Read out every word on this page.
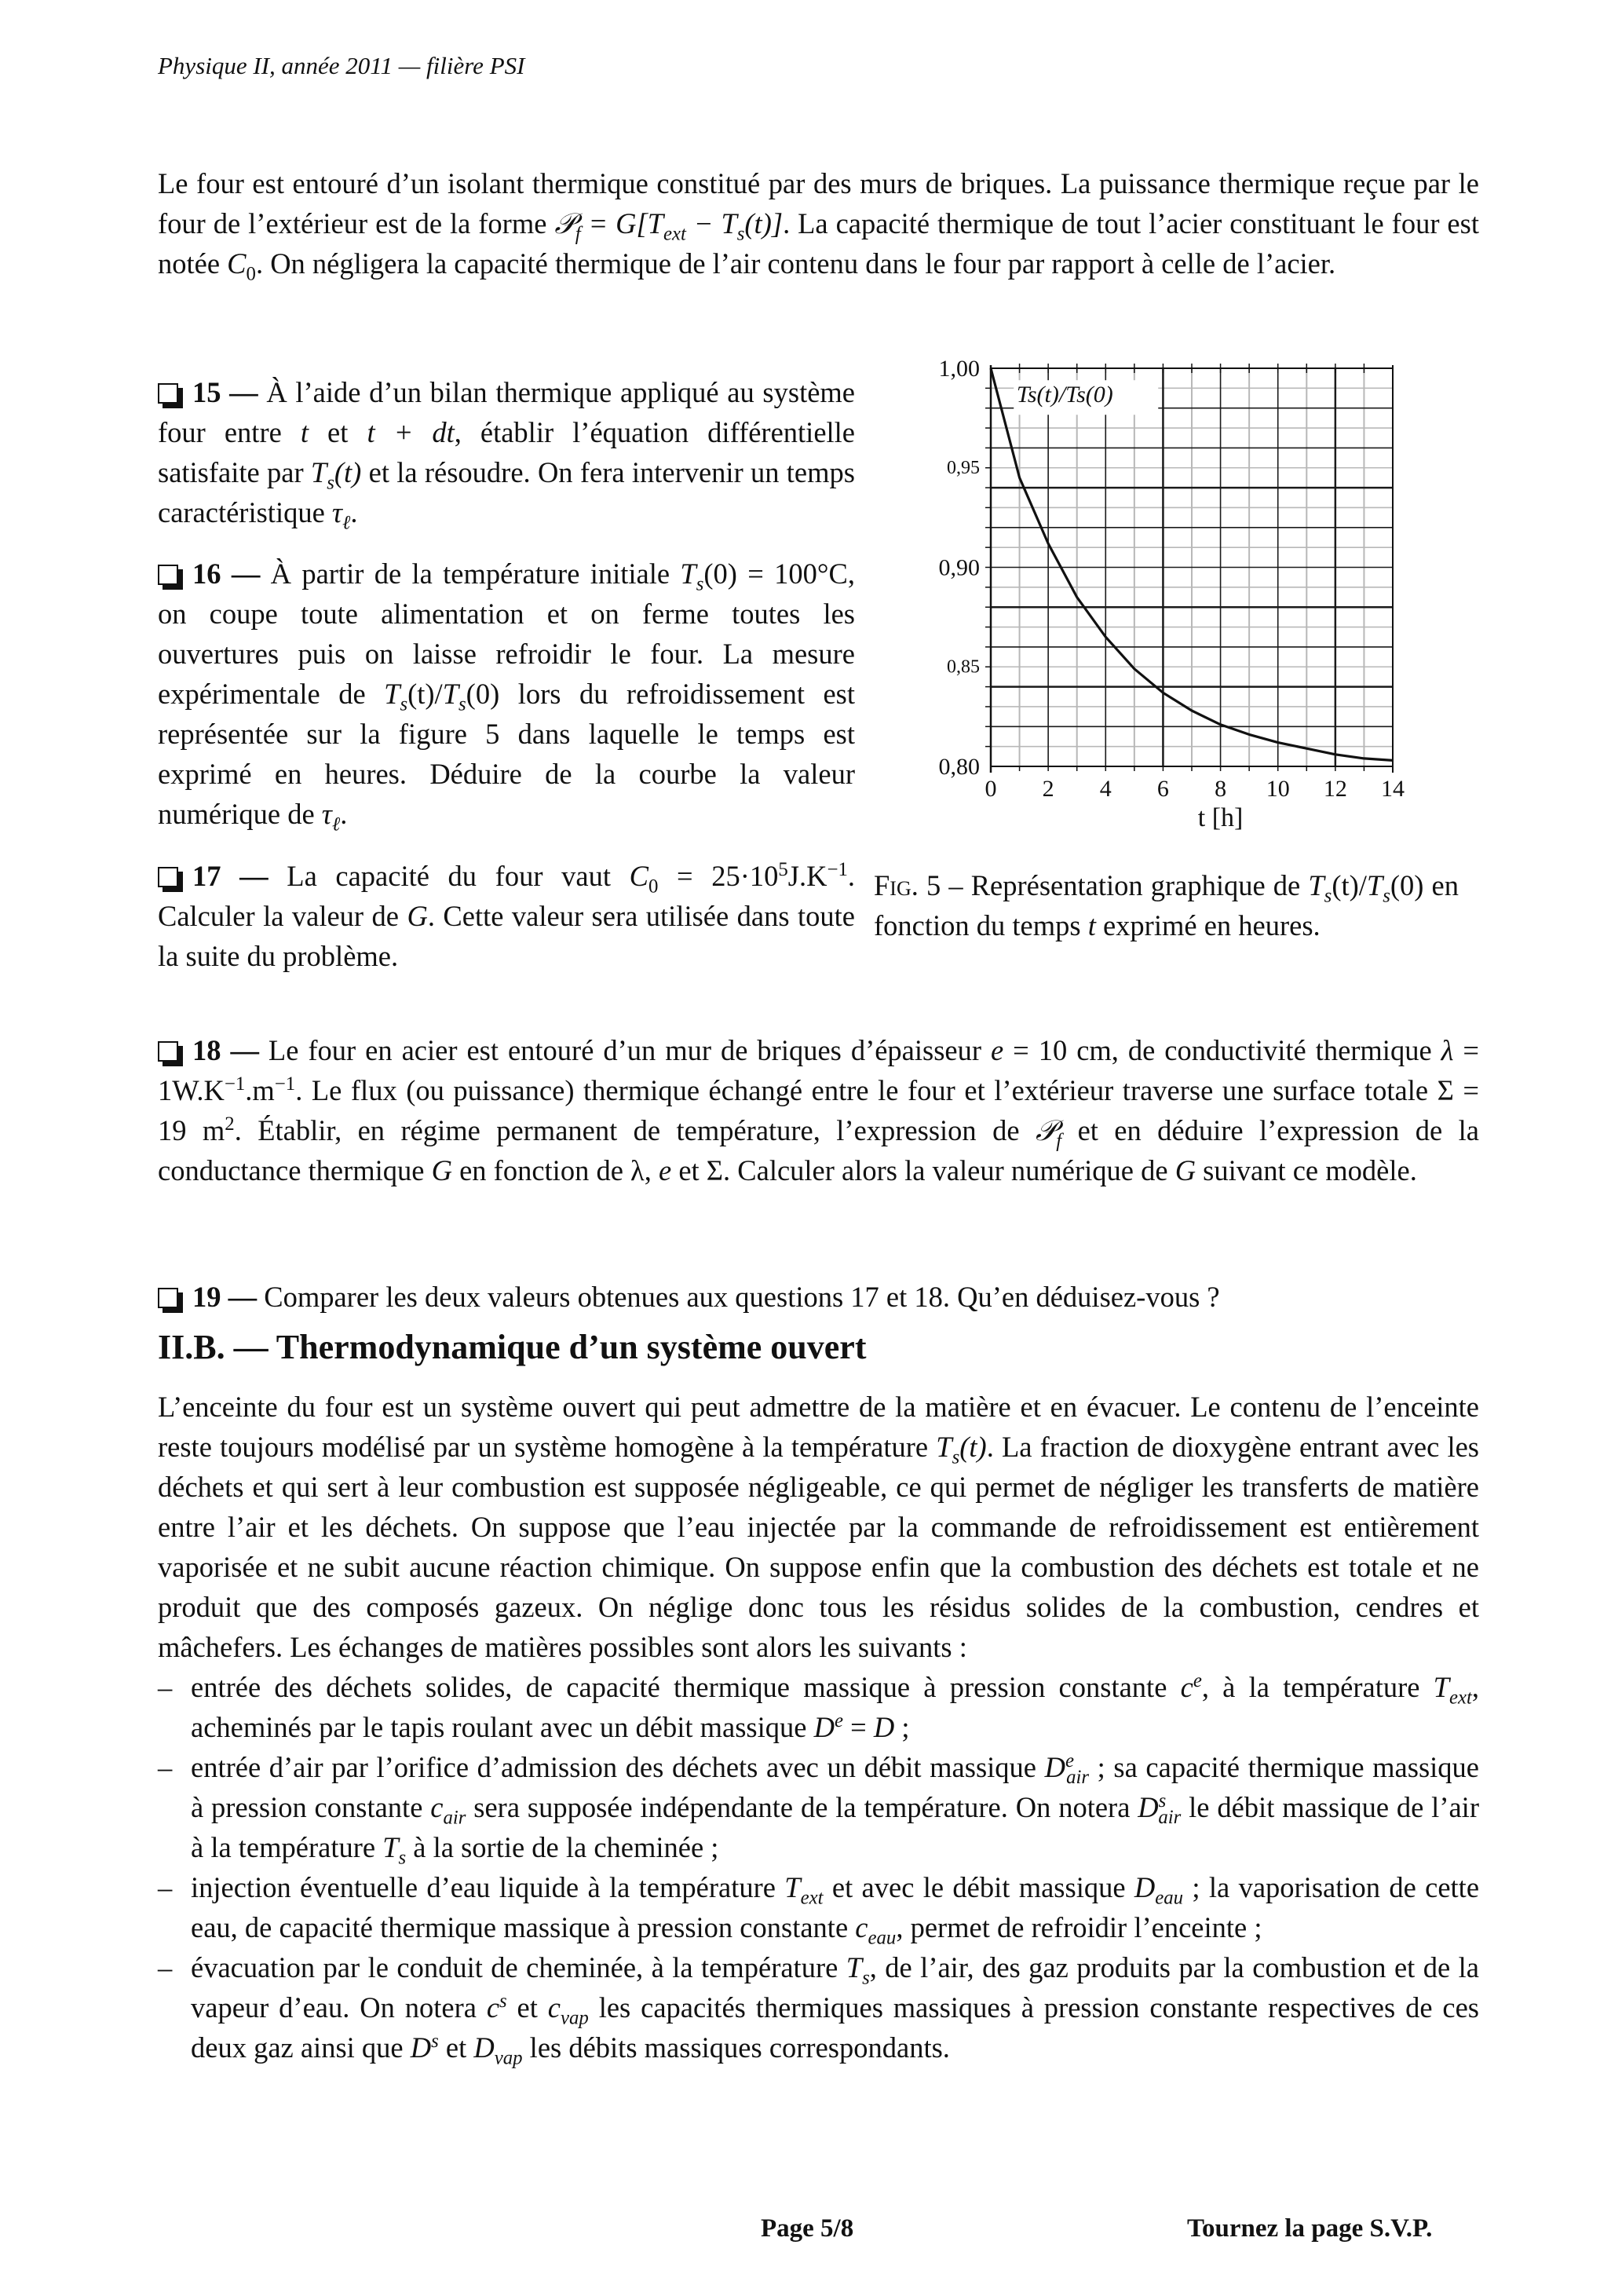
Physique II, année 2011 — filière PSI
Le four est entouré d’un isolant thermique constitué par des murs de briques. La puissance thermique reçue par le four de l’extérieur est de la forme 𝒫$_f$ = $G[T_{ext} - T_s(t)]$. La capacité thermique de tout l’acier constituant le four est notée $C_0$. On négligera la capacité thermique de l’air contenu dans le four par rapport à celle de l’acier.
15 — À l’aide d’un bilan thermique appliqué au système four entre t et t + dt, établir l’équation différentielle satisfaite par $T_s(t)$ et la résoudre. On fera intervenir un temps caractéristique $\tau_\ell$.
16 — À partir de la température initiale $T_s(0) = 100^\circ C$, on coupe toute alimentation et on ferme toutes les ouvertures puis on laisse refroidir le four. La mesure expérimentale de $T_s(t)/T_s(0)$ lors du refroidissement est représentée sur la figure 5 dans laquelle le temps est exprimé en heures. Déduire de la courbe la valeur numérique de $\tau_\ell$.
17 — La capacité du four vaut $C_0 = 25\cdot 10^5J.K^{-1}$. Calculer la valeur de G. Cette valeur sera utilisée dans toute la suite du problème.
Ts(t)/Ts(0)
0,80
0,85
0,90
0,95
1,00
0 2 4 6 8 10 12 14
t [h]
Fig. 5 – Représentation graphique de $T_s(t)/T_s(0)$ en fonction du temps t exprimé en heures.
18 — Le four en acier est entouré d’un mur de briques d’épaisseur e = 10 cm, de conductivité thermique $\lambda = 1W.K^{-1}.m^{-1}$. Le flux (ou puissance) thermique échangé entre le four et l’extérieur traverse une surface totale Σ = 19 $m^2$. Établir, en régime permanent de température, l’expression de 𝒫$_f$ et en déduire l’expression de la conductance thermique G en fonction de λ, e et Σ. Calculer alors la valeur numérique de G suivant ce modèle.
19 — Comparer les deux valeurs obtenues aux questions 17 et 18. Qu’en déduisez-vous ?
II.B. — Thermodynamique d’un système ouvert
L’enceinte du four est un système ouvert qui peut admettre de la matière et en évacuer. Le contenu de l’enceinte reste toujours modélisé par un système homogène à la température $T_s(t)$. La fraction de dioxygène entrant avec les déchets et qui sert à leur combustion est supposée négligeable, ce qui permet de négliger les transferts de matière entre l’air et les déchets. On suppose que l’eau injectée par la commande de refroidissement est entièrement vaporisée et ne subit aucune réaction chimique. On suppose enfin que la combustion des déchets est totale et ne produit que des composés gazeux. On néglige donc tous les résidus solides de la combustion, cendres et mâchefers. Les échanges de matières possibles sont alors les suivants :
– entrée des déchets solides, de capacité thermique massique à pression constante $c^e$, à la température $T_{ext}$, acheminés par le tapis roulant avec un débit massique $D^e = D$ ;
– entrée d’air par l’orifice d’admission des déchets avec un débit massique $D^e_{air}$ ; sa capacité thermique massique à pression constante $c_{air}$ sera supposée indépendante de la température. On notera $D^s_{air}$ le débit massique de l’air à la température $T_s$ à la sortie de la cheminée ;
– injection éventuelle d’eau liquide à la température $T_{ext}$ et avec le débit massique $D_{eau}$ ; la vaporisation de cette eau, de capacité thermique massique à pression constante $c_{eau}$, permet de refroidir l’enceinte ;
– évacuation par le conduit de cheminée, à la température $T_s$, de l’air, des gaz produits par la combustion et de la vapeur d’eau. On notera $c^s$ et $c_{vap}$ les capacités thermiques massiques à pression constante respectives de ces deux gaz ainsi que $D^s$ et $D_{vap}$ les débits massiques correspondants.
Page 5/8	Tournez la page S.V.P.
